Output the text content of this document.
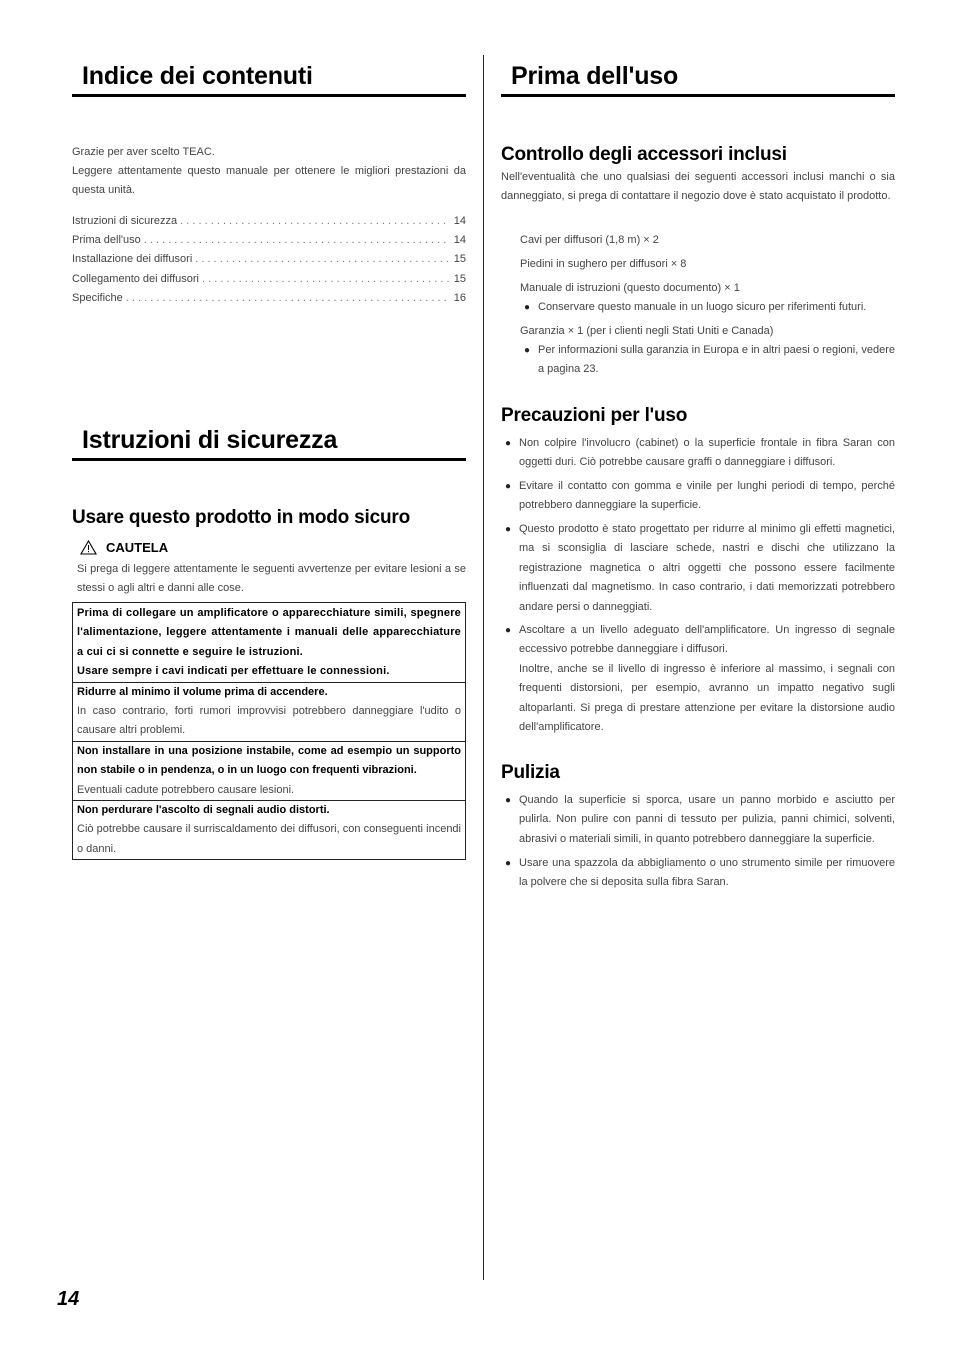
Indice dei contenuti
Grazie per aver scelto TEAC.
Leggere attentamente questo manuale per ottenere le migliori prestazioni da questa unità.
Istruzioni di sicurezza . . .	14
Prima dell'uso . . .	14
Installazione dei diffusori . . .	15
Collegamento dei diffusori . . .	15
Specifiche . . .	16
Istruzioni di sicurezza
Usare questo prodotto in modo sicuro
CAUTELA
Si prega di leggere attentamente le seguenti avvertenze per evitare lesioni a se stessi o agli altri e danni alle cose.
Prima di collegare un amplificatore o apparecchiature simili, spegnere l'alimentazione, leggere attentamente i manuali delle apparecchiature a cui ci si connette e seguire le istruzioni.
Usare sempre i cavi indicati per effettuare le connessioni.
Ridurre al minimo il volume prima di accendere.
In caso contrario, forti rumori improvvisi potrebbero danneggiare l'udito o causare altri problemi.
Non installare in una posizione instabile, come ad esempio un supporto non stabile o in pendenza, o in un luogo con frequenti vibrazioni.
Eventuali cadute potrebbero causare lesioni.
Non perdurare l'ascolto di segnali audio distorti.
Ciò potrebbe causare il surriscaldamento dei diffusori, con conseguenti incendi o danni.
Prima dell'uso
Controllo degli accessori inclusi
Nell'eventualità che uno qualsiasi dei seguenti accessori inclusi manchi o sia danneggiato, si prega di contattare il negozio dove è stato acquistato il prodotto.
Cavi per diffusori (1,8 m) × 2
Piedini in sughero per diffusori × 8
Manuale di istruzioni (questo documento) × 1
● Conservare questo manuale in un luogo sicuro per riferimenti futuri.
Garanzia × 1 (per i clienti negli Stati Uniti e Canada)
● Per informazioni sulla garanzia in Europa e in altri paesi o regioni, vedere a pagina 23.
Precauzioni per l'uso
● Non colpire l'involucro (cabinet) o la superficie frontale in fibra Saran con oggetti duri. Ciò potrebbe causare graffi o danneggiare i diffusori.
● Evitare il contatto con gomma e vinile per lunghi periodi di tempo, perché potrebbero danneggiare la superficie.
● Questo prodotto è stato progettato per ridurre al minimo gli effetti magnetici, ma si sconsiglia di lasciare schede, nastri e dischi che utilizzano la registrazione magnetica o altri oggetti che possono essere facilmente influenzati dal magnetismo. In caso contrario, i dati memorizzati potrebbero andare persi o danneggiati.
● Ascoltare a un livello adeguato dell'amplificatore. Un ingresso di segnale eccessivo potrebbe danneggiare i diffusori.
Inoltre, anche se il livello di ingresso è inferiore al massimo, i segnali con frequenti distorsioni, per esempio, avranno un impatto negativo sugli altoparlanti. Si prega di prestare attenzione per evitare la distorsione audio dell'amplificatore.
Pulizia
● Quando la superficie si sporca, usare un panno morbido e asciutto per pulirla. Non pulire con panni di tessuto per pulizia, panni chimici, solventi, abrasivi o materiali simili, in quanto potrebbero danneggiare la superficie.
● Usare una spazzola da abbigliamento o uno strumento simile per rimuovere la polvere che si deposita sulla fibra Saran.
14
